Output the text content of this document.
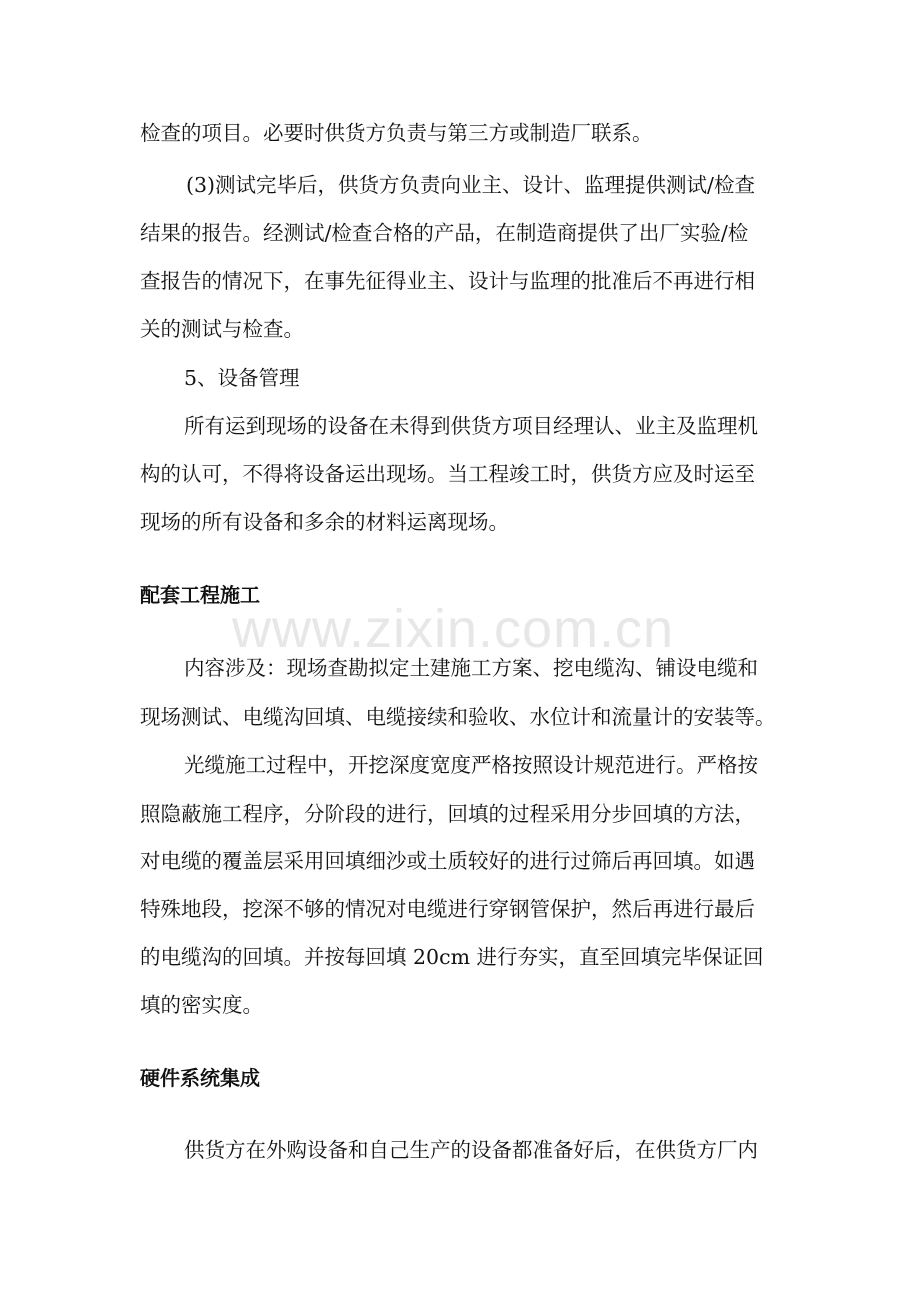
检查的项目。必要时供货方负责与第三方或制造厂联系。

(3)测试完毕后，供货方负责向业主、设计、监理提供测试/检查

结果的报告。经测试/检查合格的产品，在制造商提供了出厂实验/检

查报告的情况下，在事先征得业主、设计与监理的批准后不再进行相

关的测试与检查。

5、设备管理

所有运到现场的设备在未得到供货方项目经理认、业主及监理机

构的认可，不得将设备运出现场。当工程竣工时，供货方应及时运至

现场的所有设备和多余的材料运离现场。

配套工程施工

内容涉及：现场查勘拟定土建施工方案、挖电缆沟、铺设电缆和

现场测试、电缆沟回填、电缆接续和验收、水位计和流量计的安装等。

光缆施工过程中，开挖深度宽度严格按照设计规范进行。严格按

照隐蔽施工程序，分阶段的进行，回填的过程采用分步回填的方法，

对电缆的覆盖层采用回填细沙或土质较好的进行过筛后再回填。如遇

特殊地段，挖深不够的情况对电缆进行穿钢管保护，然后再进行最后

的电缆沟的回填。并按每回填 20cm 进行夯实，直至回填完毕保证回

填的密实度。

硬件系统集成

供货方在外购设备和自己生产的设备都准备好后，在供货方厂内

www.zixin.com.cn
